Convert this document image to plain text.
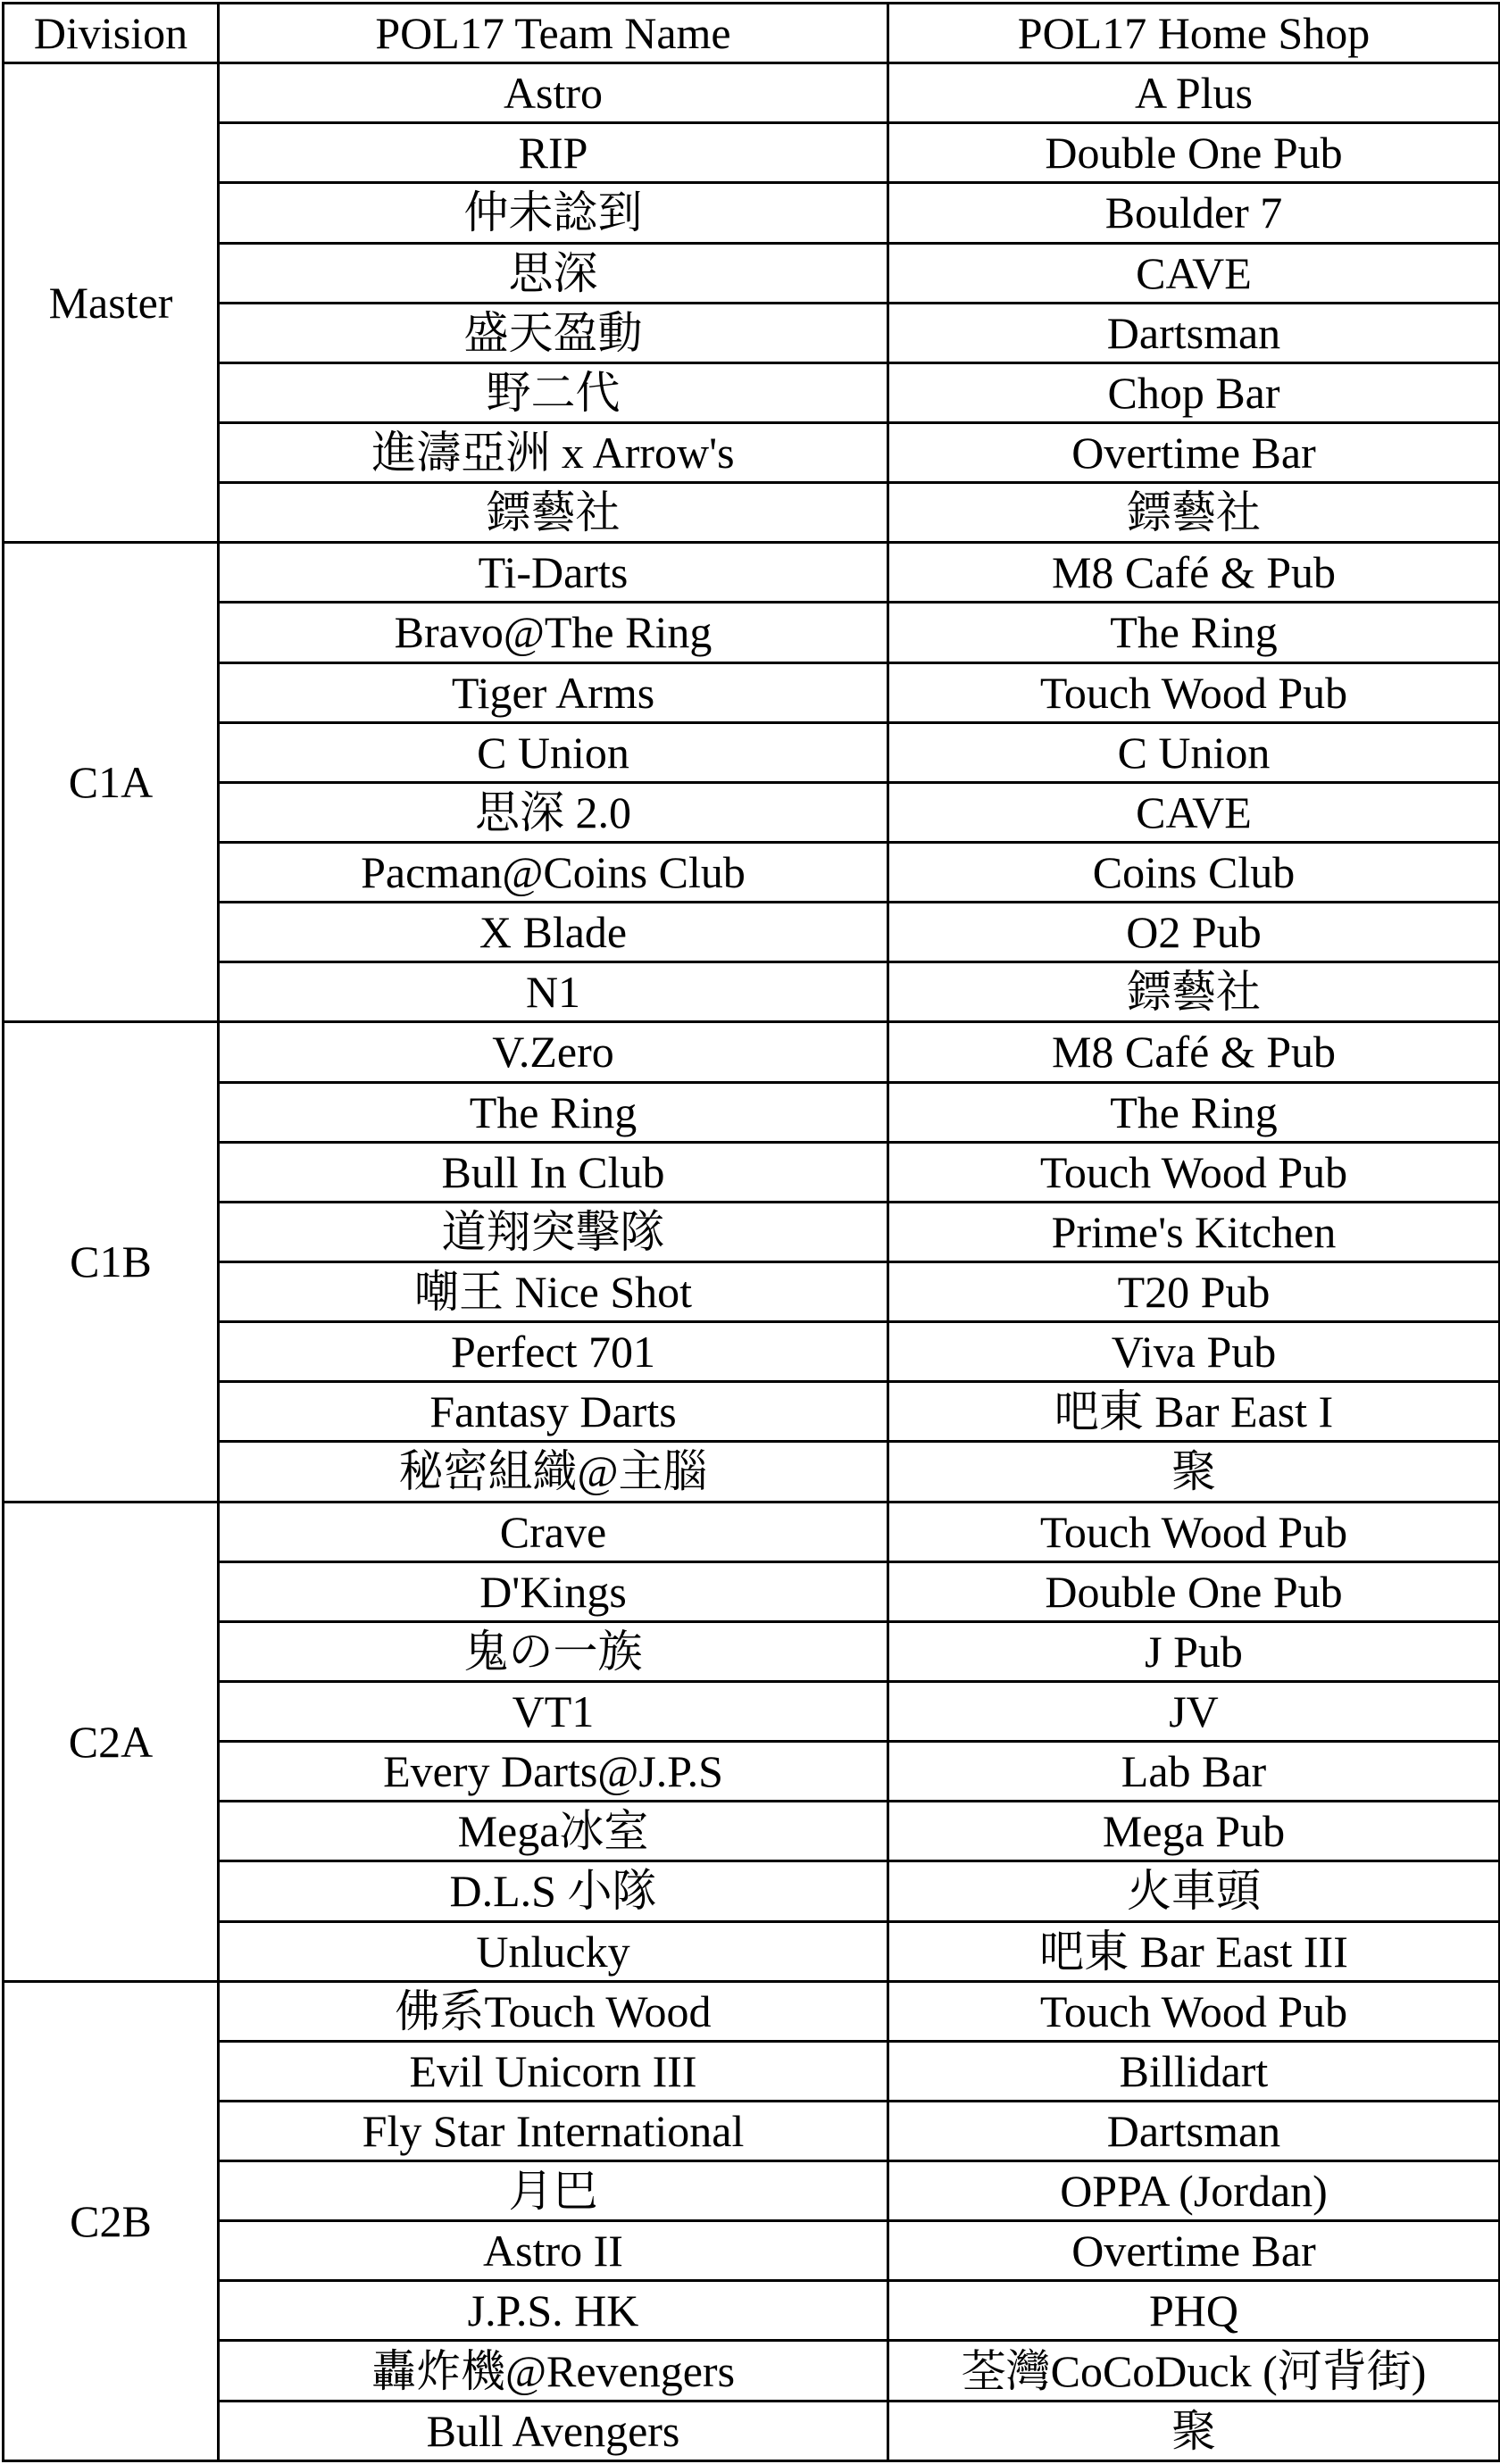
Division	POL17 Team Name	POL17 Home Shop
Master	Astro	A Plus
	RIP	Double One Pub
	仲未諗到	Boulder 7
	思深	CAVE
	盛天盈動	Dartsman
	野二代	Chop Bar
	進濤亞洲 x Arrow's	Overtime Bar
	鏢藝社	鏢藝社
C1A	Ti-Darts	M8 Café & Pub
	Bravo@The Ring	The Ring
	Tiger Arms	Touch Wood Pub
	C Union	C Union
	思深 2.0	CAVE
	Pacman@Coins Club	Coins Club
	X Blade	O2 Pub
	N1	鏢藝社
C1B	V.Zero	M8 Café & Pub
	The Ring	The Ring
	Bull In Club	Touch Wood Pub
	道翔突擊隊	Prime's Kitchen
	嘲王 Nice Shot	T20 Pub
	Perfect 701	Viva Pub
	Fantasy Darts	吧東 Bar East I
	秘密組織@主腦	聚
C2A	Crave	Touch Wood Pub
	D'Kings	Double One Pub
	鬼の一族	J Pub
	VT1	JV
	Every Darts@J.P.S	Lab Bar
	Mega冰室	Mega Pub
	D.L.S 小隊	火車頭
	Unlucky	吧東 Bar East III
C2B	佛系Touch Wood	Touch Wood Pub
	Evil Unicorn III	Billidart
	Fly Star International	Dartsman
	月巴	OPPA (Jordan)
	Astro II	Overtime Bar
	J.P.S. HK	PHQ
	轟炸機@Revengers	荃灣CoCoDuck (河背街)
	Bull Avengers	聚
